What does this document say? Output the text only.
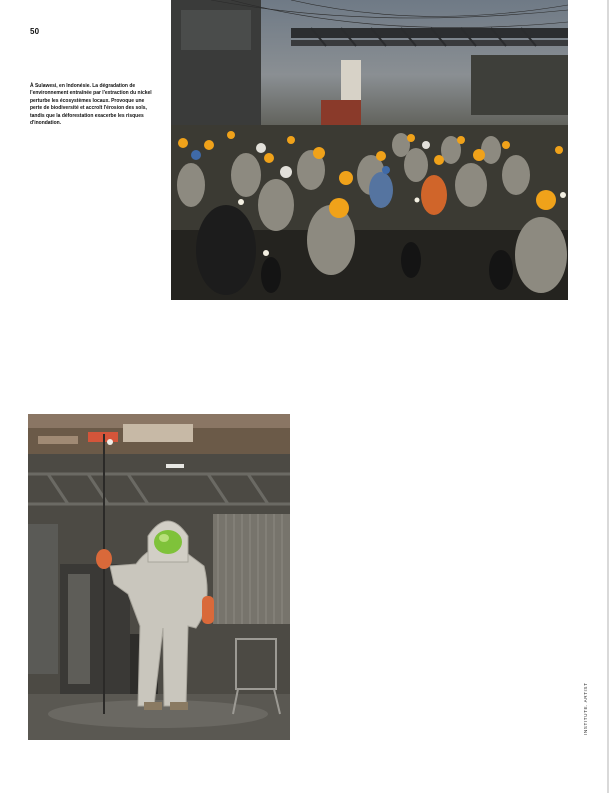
50
À Sulawesi, en Indonésie. La dégradation de l'environnement entraînée par l'extraction du nickel perturbe les écosystèmes locaux. Provoque une perte de biodiversité et accroît l'érosion des sols, tandis que la déforestation exacerbe les risques d'inondation.
INSTITUTE. ARTIST
